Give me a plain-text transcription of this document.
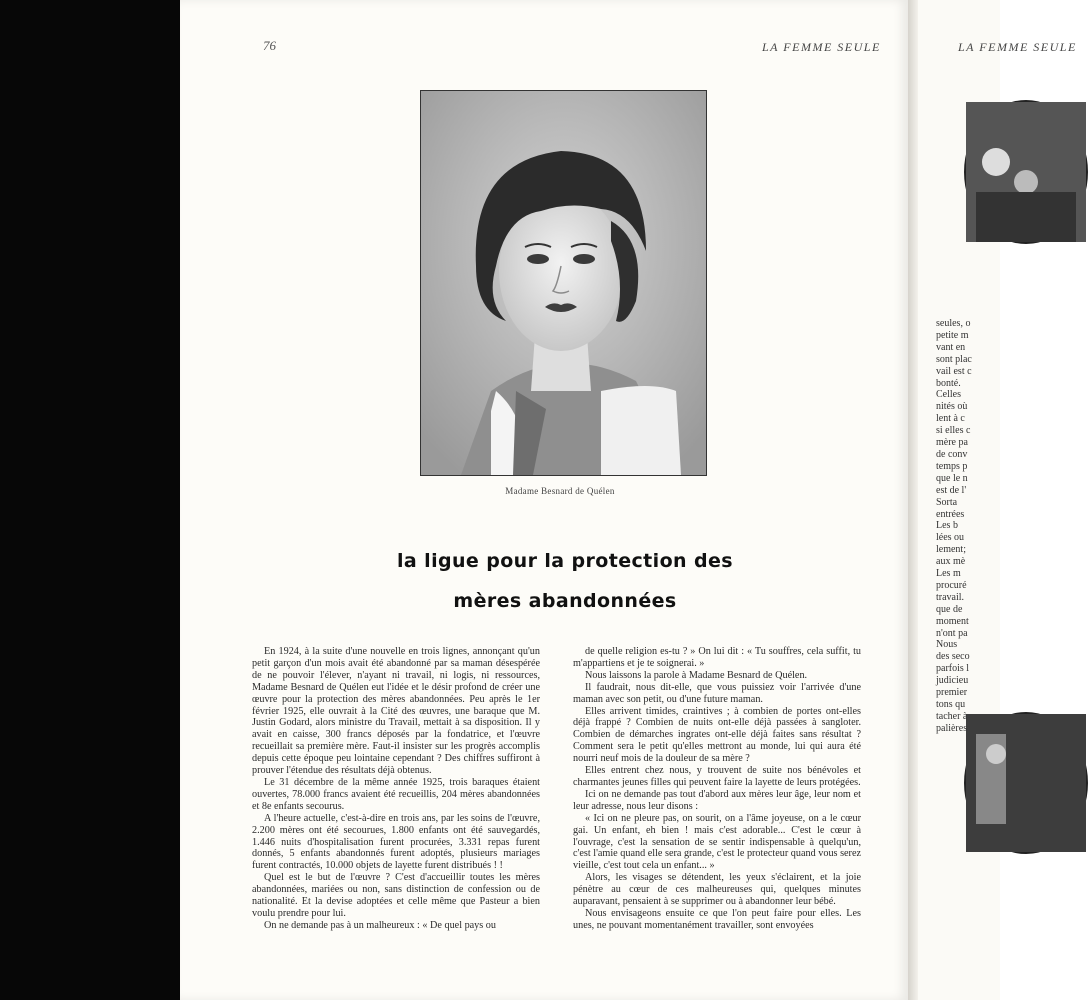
76	LA FEMME SEULE
Madame Besnard de Quélen
la ligue pour la protection des
mères abandonnées

En 1924, à la suite d'une nouvelle en trois lignes, annonçant qu'un petit garçon d'un mois avait été abandonné par sa maman désespérée de ne pouvoir l'élever, n'ayant ni travail, ni logis, ni ressources, Madame Besnard de Quélen eut l'idée et le désir profond de créer une œuvre pour la protection des mères abandonnées. Peu après le 1er février 1925, elle ouvrait à la Cité des œuvres, une baraque que M. Justin Godard, alors ministre du Travail, mettait à sa disposition. Il y avait en caisse, 300 francs déposés par la fondatrice, et l'œuvre recueillait sa première mère. Faut-il insister sur les progrès accomplis depuis cette époque peu lointaine cependant ? Des chiffres suffiront à prouver l'étendue des résultats déjà obtenus.

Le 31 décembre de la même année 1925, trois baraques étaient ouvertes, 78.000 francs avaient été recueillis, 204 mères abandonnées et 8e enfants secourus.

A l'heure actuelle, c'est-à-dire en trois ans, par les soins de l'œuvre, 2.200 mères ont été secourues, 1.800 enfants ont été sauvegardés, 1.446 nuits d'hospitalisation furent procurées, 3.331 repas furent donnés, 5 enfants abandonnés furent adoptés, plusieurs mariages furent contractés, 10.000 objets de layette furent distribués ! !

Quel est le but de l'œuvre ? C'est d'accueillir toutes les mères abandonnées, mariées ou non, sans distinction de confession ou de nationalité. Et la devise adoptées et celle même que Pasteur a bien voulu prendre pour lui.

On ne demande pas à un malheureux : « De quel pays ou

de quelle religion es-tu ? » On lui dit : « Tu souffres, cela suffit, tu m'appartiens et je te soignerai. »

Nous laissons la parole à Madame Besnard de Quélen.

Il faudrait, nous dit-elle, que vous puissiez voir l'arrivée d'une maman avec son petit, ou d'une future maman.

Elles arrivent timides, craintives ; à combien de portes ont-elles déjà frappé ? Combien de nuits ont-elle déjà passées à sangloter. Combien de démarches ingrates ont-elle déjà faites sans résultat ? Comment sera le petit qu'elles mettront au monde, lui qui aura été nourri neuf mois de la douleur de sa mère ?

Elles entrent chez nous, y trouvent de suite nos bénévoles et charmantes jeunes filles qui peuvent faire la layette de leurs protégées.

Ici on ne demande pas tout d'abord aux mères leur âge, leur nom et leur adresse, nous leur disons :

« Ici on ne pleure pas, on sourit, on a l'âme joyeuse, on a le cœur gai. Un enfant, eh bien ! mais c'est adorable... C'est le cœur à l'ouvrage, c'est la sensation de se sentir indispensable à quelqu'un, c'est l'amie quand elle sera grande, c'est le protecteur quand vous serez vieille, c'est tout cela un enfant... »

Alors, les visages se détendent, les yeux s'éclairent, et la joie pénètre au cœur de ces malheureuses qui, quelques minutes auparavant, pensaient à se supprimer ou à abandonner leur bébé.

Nous envisageons ensuite ce que l'on peut faire pour elles. Les unes, ne pouvant momentanément travailler, sont envoyées

LA FEMME SEULE
seules, o
petite m
vant en
sont plac
vail est c
bonté.
Celles
nités où
lent à c
si elles c
mère pa
de conv
temps p
que le n
est de l'
Sorta
entrées
Les b
lées ou
lement;
aux mè
Les m
procuré
travail.
que de
moment
n'ont pa
Nous
des seco
parfois l
judicieu
premier
tons qu
tacher à
palières
